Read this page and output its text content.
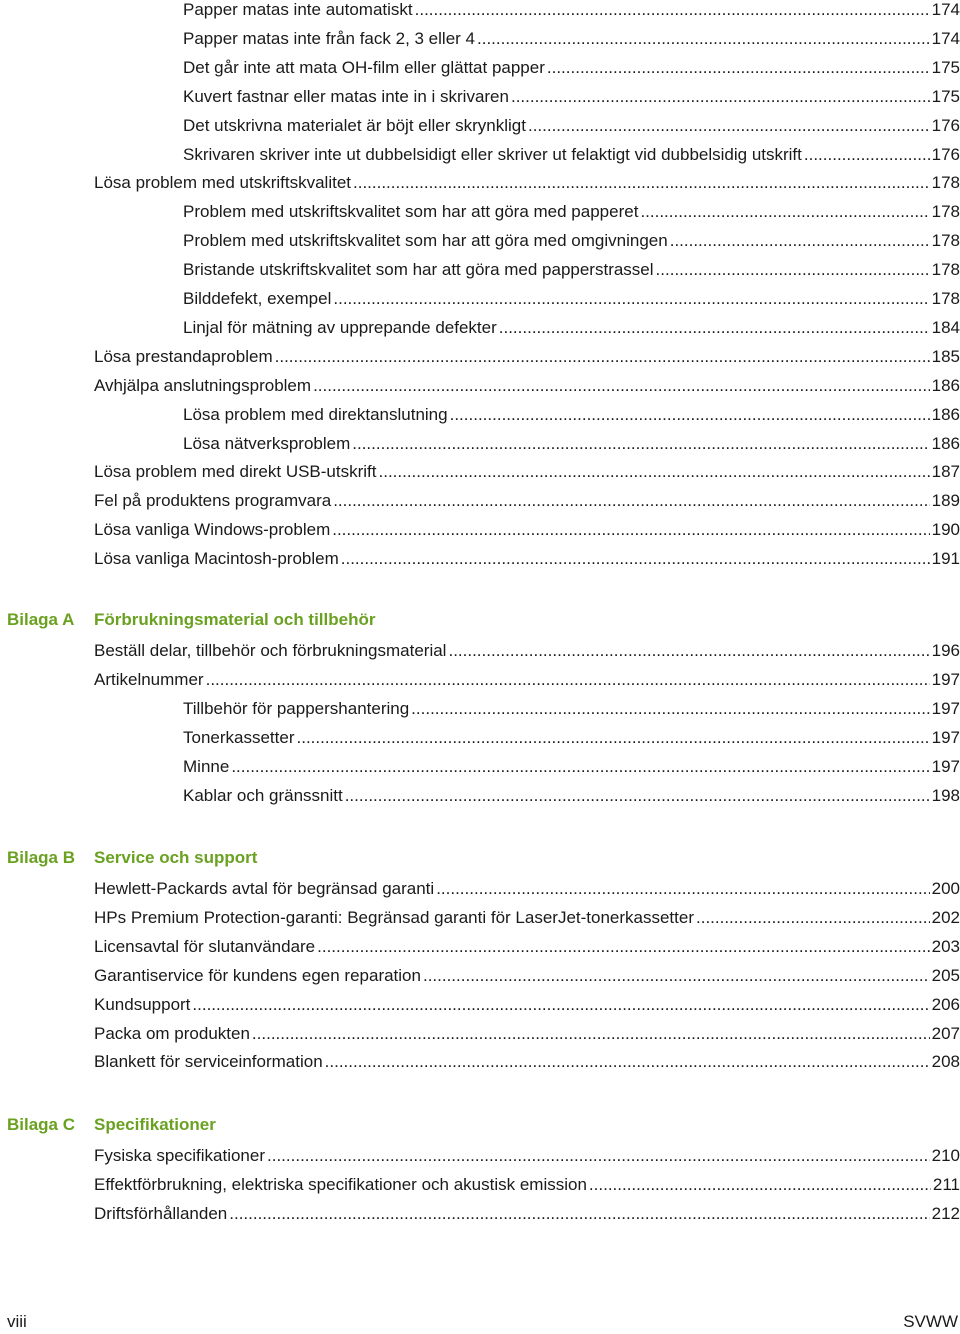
Papper matas inte automatiskt .....	174
Papper matas inte från fack 2, 3 eller 4 .....	174
Det går inte att mata OH-film eller glättat papper .....	175
Kuvert fastnar eller matas inte in i skrivaren .....	175
Det utskrivna materialet är böjt eller skrynkligt .....	176
Skrivaren skriver inte ut dubbelsidigt eller skriver ut felaktigt vid dubbelsidig utskrift .....	176
Lösa problem med utskriftskvalitet .....	178
Problem med utskriftskvalitet som har att göra med papperet .....	178
Problem med utskriftskvalitet som har att göra med omgivningen .....	178
Bristande utskriftskvalitet som har att göra med papperstrassel .....	178
Bilddefekt, exempel .....	178
Linjal för mätning av upprepande defekter .....	184
Lösa prestandaproblem .....	185
Avhjälpa anslutningsproblem .....	186
Lösa problem med direktanslutning .....	186
Lösa nätverksproblem .....	186
Lösa problem med direkt USB-utskrift .....	187
Fel på produktens programvara .....	189
Lösa vanliga Windows-problem .....	190
Lösa vanliga Macintosh-problem .....	191
Bilaga A Förbrukningsmaterial och tillbehör
Beställ delar, tillbehör och förbrukningsmaterial .....	196
Artikelnummer .....	197
Tillbehör för pappershantering .....	197
Tonerkassetter .....	197
Minne .....	197
Kablar och gränssnitt .....	198
Bilaga B Service och support
Hewlett-Packards avtal för begränsad garanti .....	200
HPs Premium Protection-garanti: Begränsad garanti för LaserJet-tonerkassetter .....	202
Licensavtal för slutanvändare .....	203
Garantiservice för kundens egen reparation .....	205
Kundsupport .....	206
Packa om produkten .....	207
Blankett för serviceinformation .....	208
Bilaga C Specifikationer
Fysiska specifikationer .....	210
Effektförbrukning, elektriska specifikationer och akustisk emission .....	211
Driftsförhållanden .....	212
viii	SVWW
